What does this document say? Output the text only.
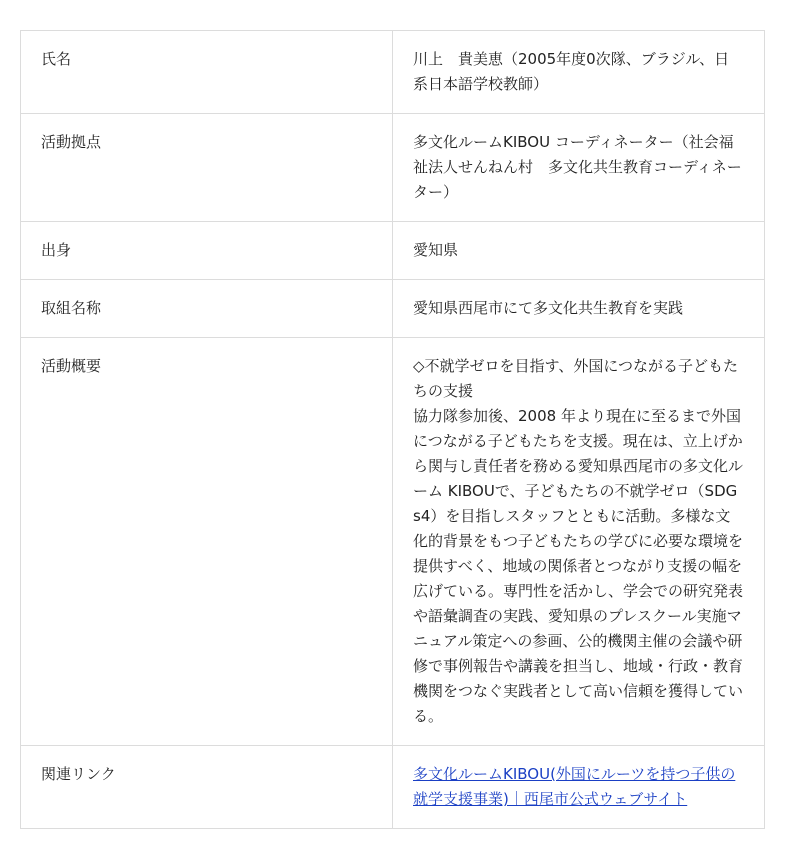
氏名	川上　貴美恵（2005年度0次隊、ブラジル、日系日本語学校教師）
活動拠点	多文化ルームKIBOU コーディネーター（社会福祉法人せんねん村　多文化共生教育コーディネーター）
出身	愛知県
取組名称	愛知県西尾市にて多文化共生教育を実践
活動概要	◇不就学ゼロを目指す、外国につながる子どもたちの支援
協力隊参加後、2008 年より現在に至るまで外国につながる子どもたちを支援。現在は、立上げから関与し責任者を務める愛知県西尾市の多文化ルーム KIBOUで、子どもたちの不就学ゼロ（SDGs4）を目指しスタッフとともに活動。多様な文化的背景をもつ子どもたちの学びに必要な環境を提供すべく、地域の関係者とつながり支援の幅を広げている。専門性を活かし、学会での研究発表や語彙調査の実践、愛知県のプレスクール実施マニュアル策定への参画、公的機関主催の会議や研修で事例報告や講義を担当し、地域・行政・教育機関をつなぐ実践者として高い信頼を獲得している。
関連リンク	多文化ルームKIBOU(外国にルーツを持つ子供の就学支援事業)｜西尾市公式ウェブサイト
